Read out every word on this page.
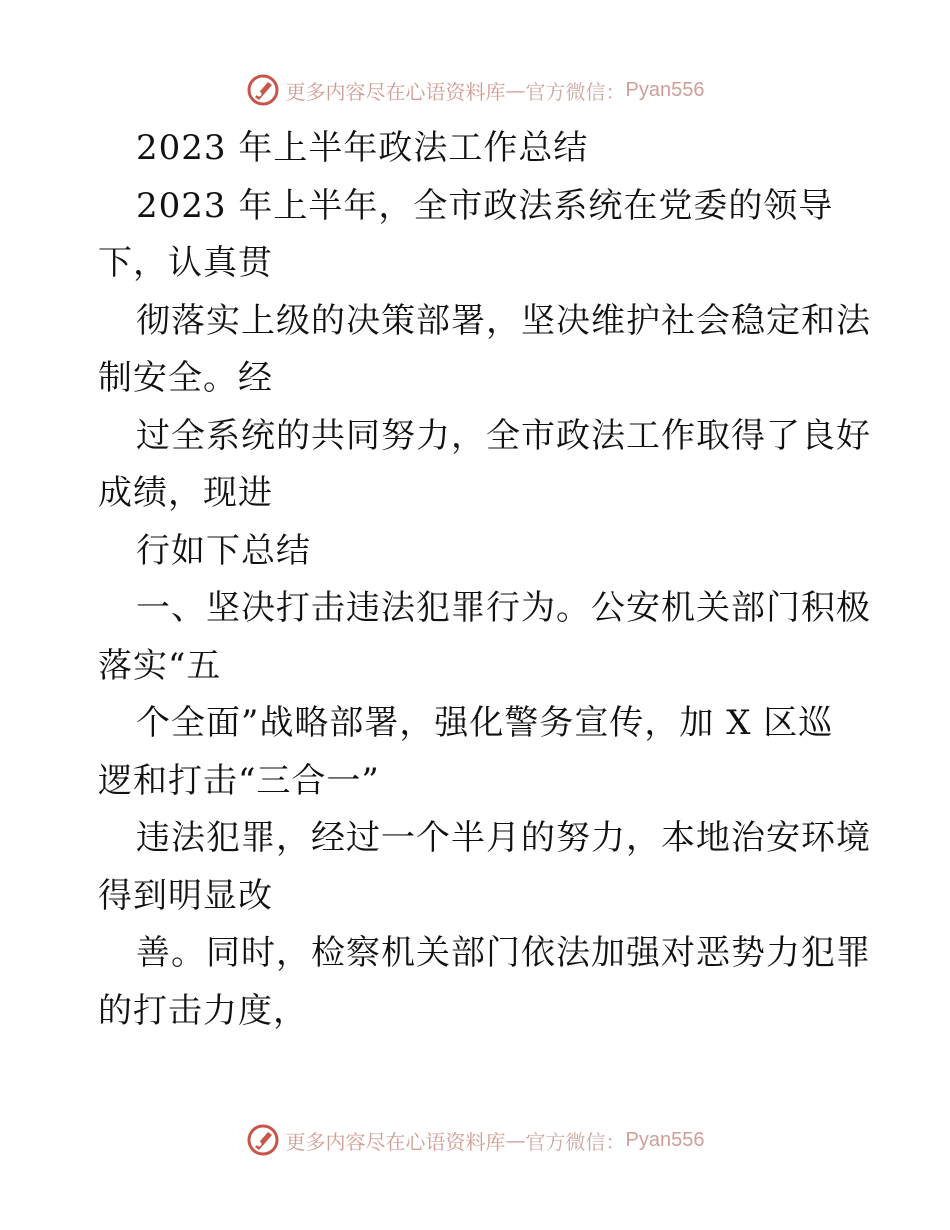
更多内容尽在心语资料库 — 官方微信： Pyan556
2023 年上半年政法工作总结
2023 年上半年，全市政法系统在党委的领导
下，认真贯
彻落实上级的决策部署，坚决维护社会稳定和法
制安全。经
过全系统的共同努力，全市政法工作取得了良好
成绩，现进
行如下总结
一、坚决打击违法犯罪行为。公安机关部门积极
落实“五
个全面”战略部署，强化警务宣传，加 X 区巡
逻和打击“三合一”
违法犯罪，经过一个半月的努力，本地治安环境
得到明显改
善。同时，检察机关部门依法加强对恶势力犯罪
的打击力度，
更多内容尽在心语资料库 — 官方微信： Pyan556
